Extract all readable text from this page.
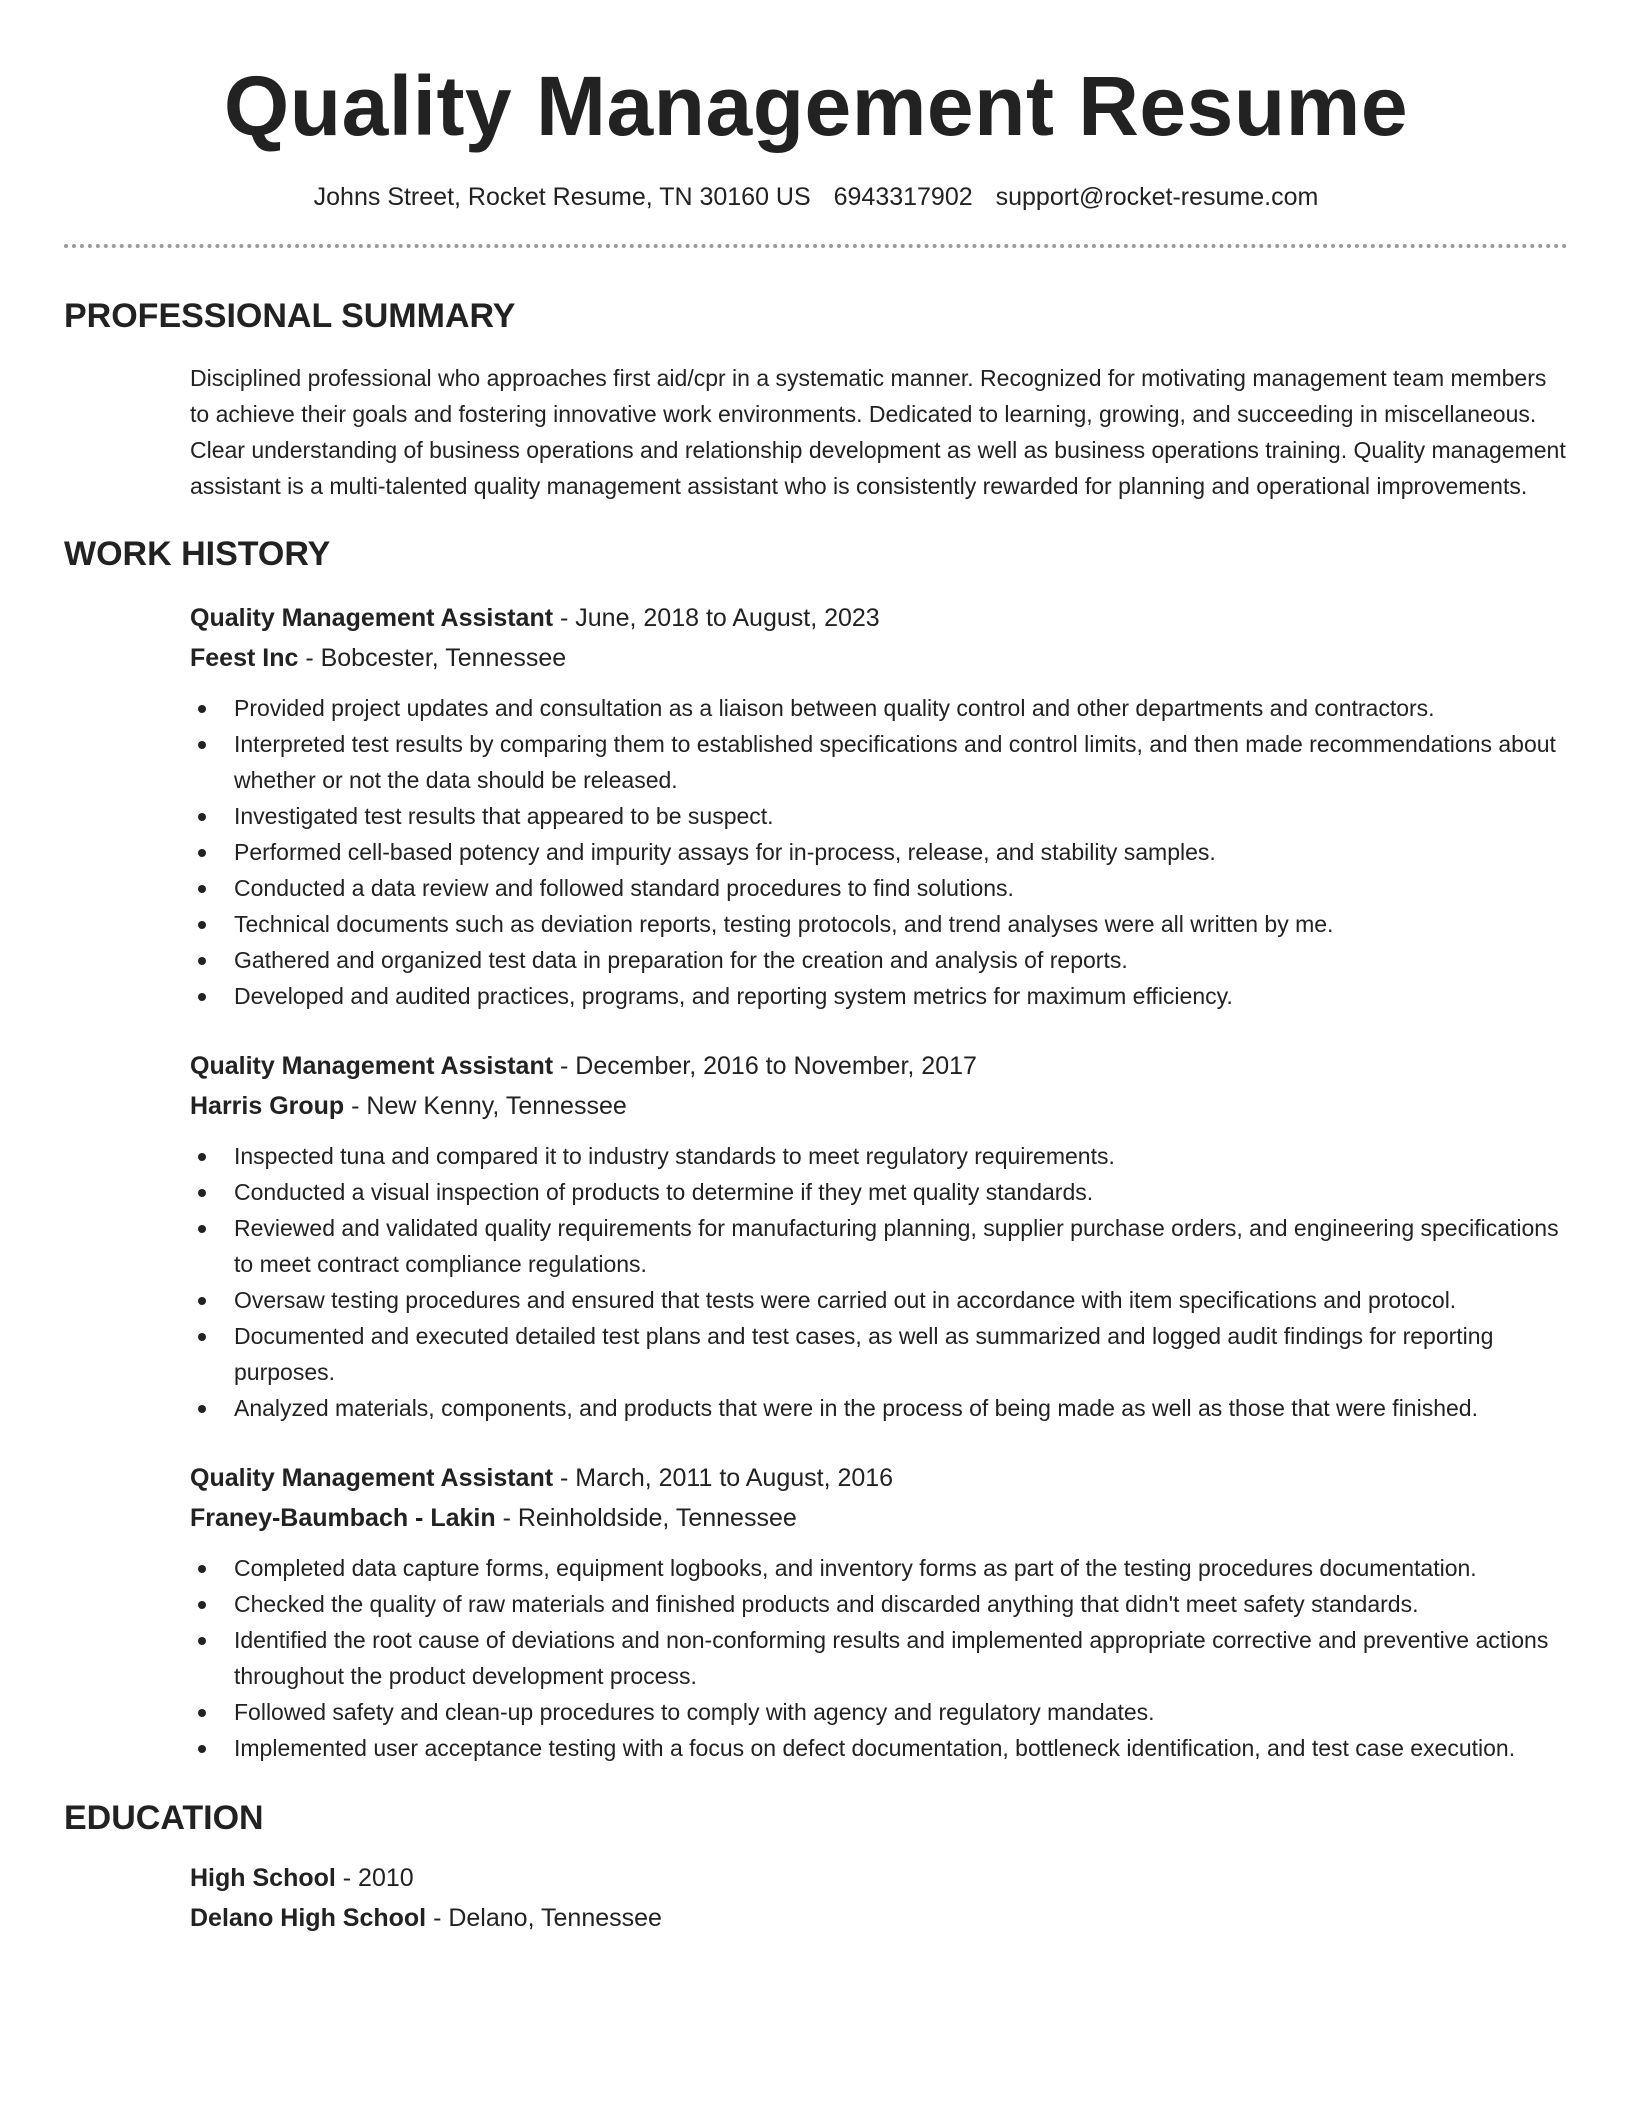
Quality Management Resume
Johns Street, Rocket Resume, TN 30160 US 6943317902 support@rocket-resume.com
PROFESSIONAL SUMMARY
Disciplined professional who approaches first aid/cpr in a systematic manner. Recognized for motivating management team members to achieve their goals and fostering innovative work environments. Dedicated to learning, growing, and succeeding in miscellaneous. Clear understanding of business operations and relationship development as well as business operations training. Quality management assistant is a multi-talented quality management assistant who is consistently rewarded for planning and operational improvements.
WORK HISTORY
Quality Management Assistant - June, 2018 to August, 2023
Feest Inc - Bobcester, Tennessee
Provided project updates and consultation as a liaison between quality control and other departments and contractors.
Interpreted test results by comparing them to established specifications and control limits, and then made recommendations about whether or not the data should be released.
Investigated test results that appeared to be suspect.
Performed cell-based potency and impurity assays for in-process, release, and stability samples.
Conducted a data review and followed standard procedures to find solutions.
Technical documents such as deviation reports, testing protocols, and trend analyses were all written by me.
Gathered and organized test data in preparation for the creation and analysis of reports.
Developed and audited practices, programs, and reporting system metrics for maximum efficiency.
Quality Management Assistant - December, 2016 to November, 2017
Harris Group - New Kenny, Tennessee
Inspected tuna and compared it to industry standards to meet regulatory requirements.
Conducted a visual inspection of products to determine if they met quality standards.
Reviewed and validated quality requirements for manufacturing planning, supplier purchase orders, and engineering specifications to meet contract compliance regulations.
Oversaw testing procedures and ensured that tests were carried out in accordance with item specifications and protocol.
Documented and executed detailed test plans and test cases, as well as summarized and logged audit findings for reporting purposes.
Analyzed materials, components, and products that were in the process of being made as well as those that were finished.
Quality Management Assistant - March, 2011 to August, 2016
Franey-Baumbach - Lakin - Reinholdside, Tennessee
Completed data capture forms, equipment logbooks, and inventory forms as part of the testing procedures documentation.
Checked the quality of raw materials and finished products and discarded anything that didn't meet safety standards.
Identified the root cause of deviations and non-conforming results and implemented appropriate corrective and preventive actions throughout the product development process.
Followed safety and clean-up procedures to comply with agency and regulatory mandates.
Implemented user acceptance testing with a focus on defect documentation, bottleneck identification, and test case execution.
EDUCATION
High School - 2010
Delano High School - Delano, Tennessee
